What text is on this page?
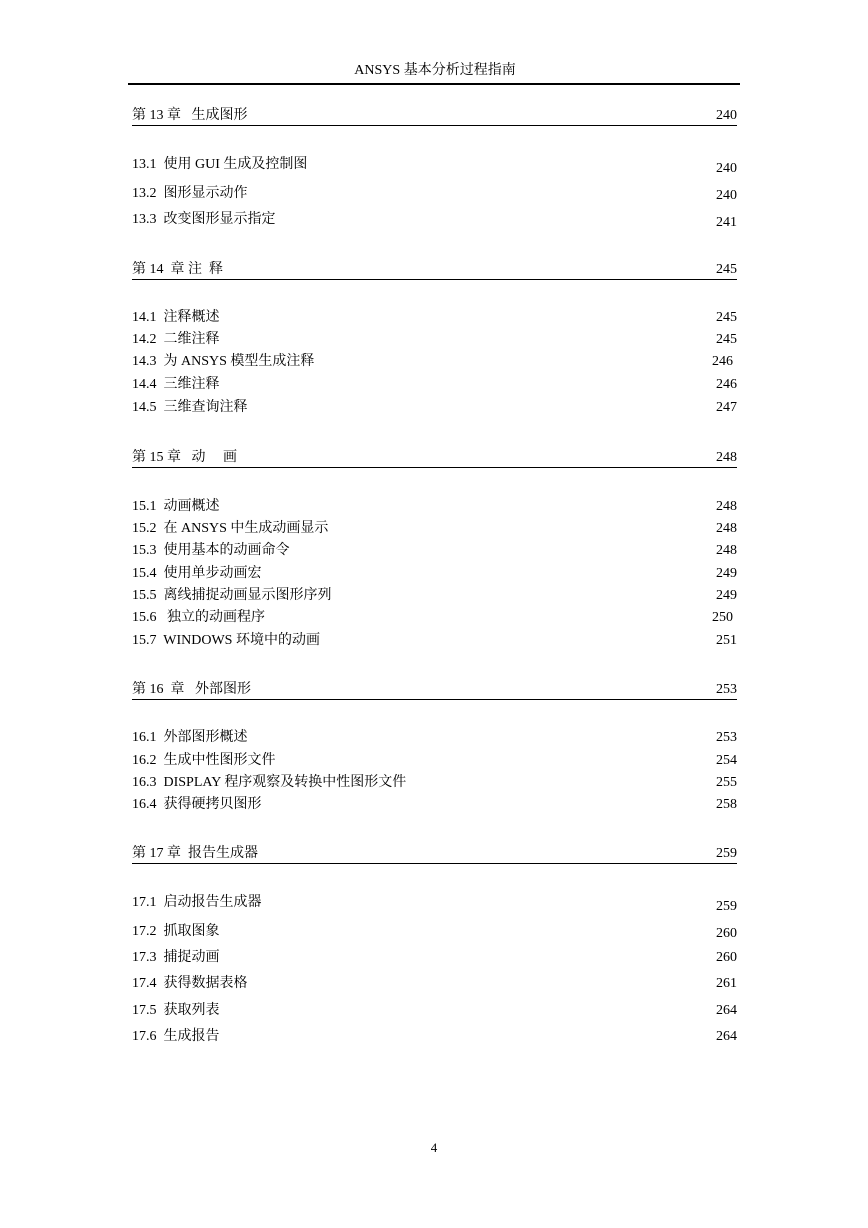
ANSYS 基本分析过程指南
第 13 章   生成图形	240
13.1  使用 GUI 生成及控制图	240
13.2  图形显示动作	240
13.3  改变图形显示指定	241
第 14  章 注  释	245
14.1  注释概述	245
14.2  二维注释	245
14.3  为 ANSYS 模型生成注释	246
14.4  三维注释	246
14.5  三维查询注释	247
第 15 章   动     画	248
15.1  动画概述	248
15.2  在 ANSYS 中生成动画显示	248
15.3  使用基本的动画命令	248
15.4  使用单步动画宏	249
15.5  离线捕捉动画显示图形序列	249
15.6   独立的动画程序	250
15.7  WINDOWS 环境中的动画	251
第 16  章   外部图形	253
16.1  外部图形概述	253
16.2  生成中性图形文件	254
16.3  DISPLAY 程序观察及转换中性图形文件	255
16.4  获得硬拷贝图形	258
第 17 章  报告生成器	259
17.1  启动报告生成器	259
17.2  抓取图象	260
17.3  捕捉动画	260
17.4  获得数据表格	261
17.5  获取列表	264
17.6  生成报告	264
4
